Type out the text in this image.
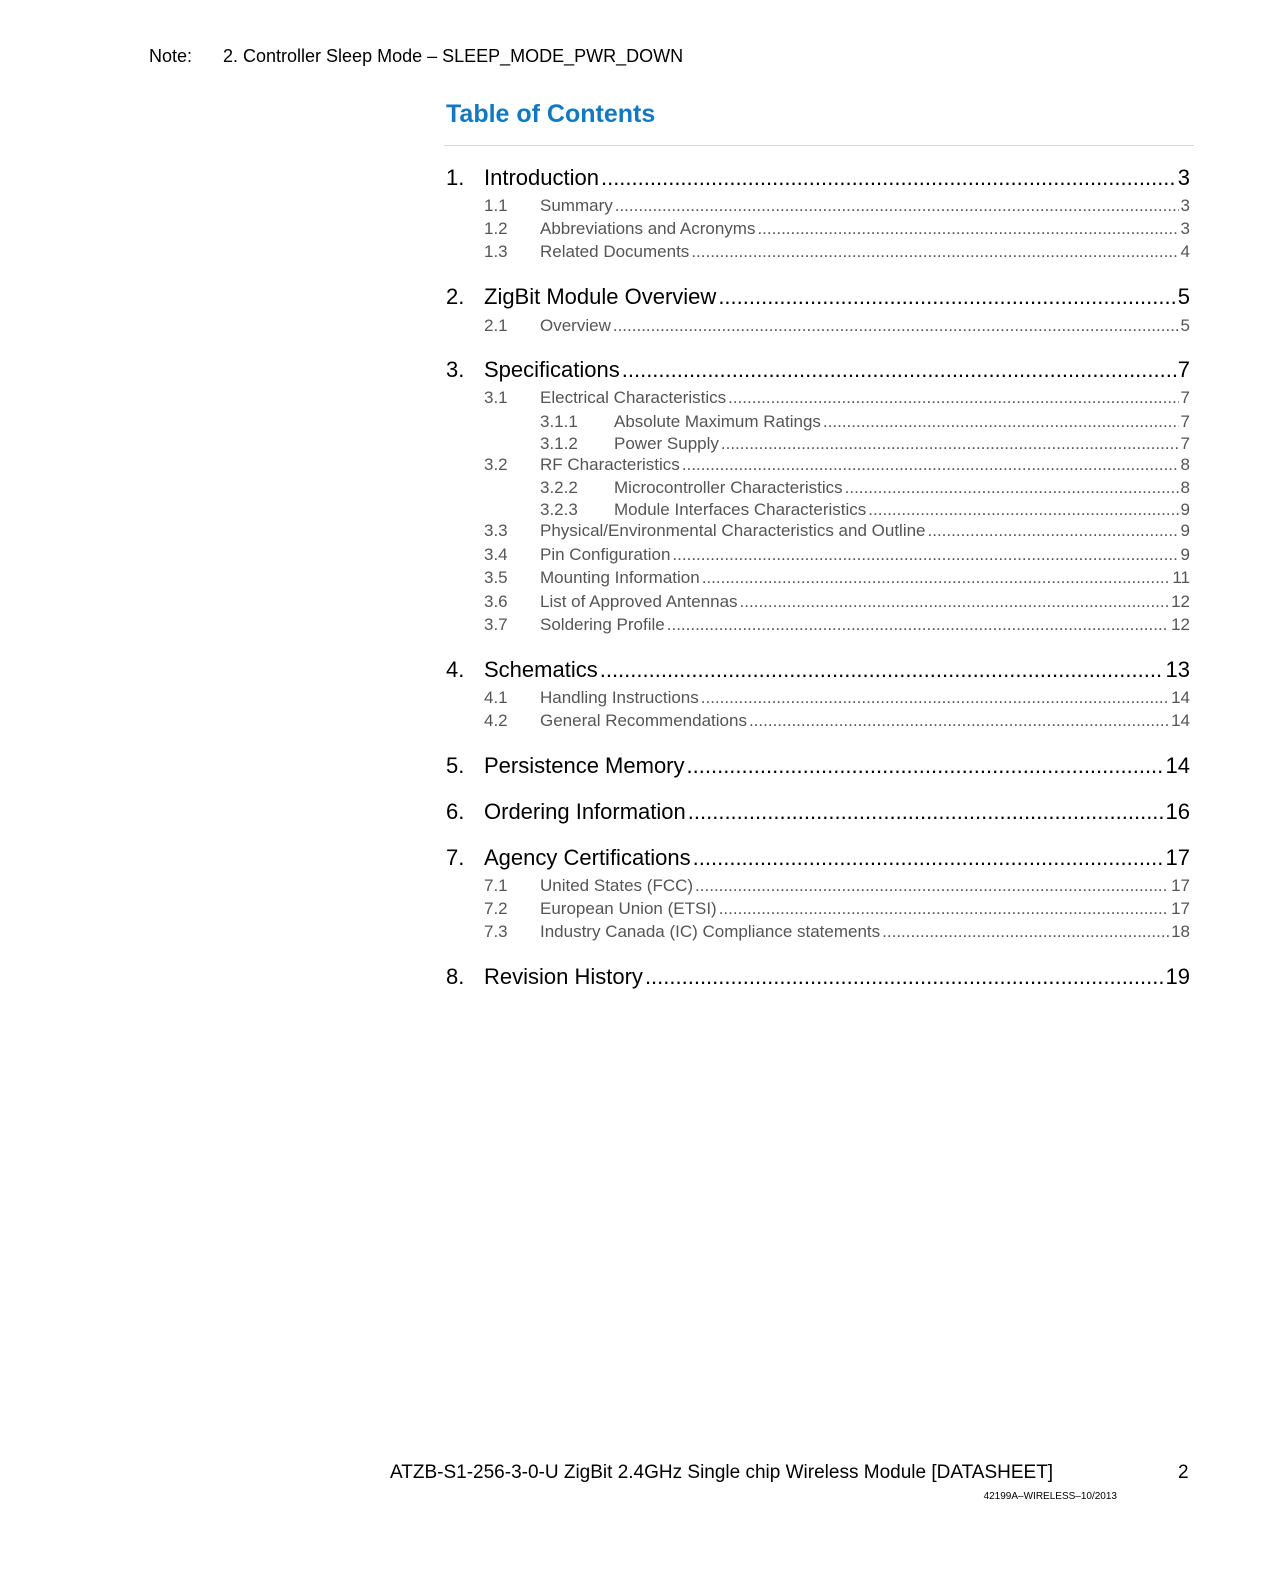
Note: 2. Controller Sleep Mode – SLEEP_MODE_PWR_DOWN
Table of Contents
1. Introduction .....	3
1.1	Summary .....	3
1.2	Abbreviations and Acronyms .....	3
1.3	Related Documents .....	4
2. ZigBit Module Overview .....	5
2.1	Overview .....	5
3. Specifications .....	7
3.1	Electrical Characteristics .....	7
3.1.1	Absolute Maximum Ratings .....	7
3.1.2	Power Supply .....	7
3.2	RF Characteristics .....	8
3.2.2	Microcontroller Characteristics .....	8
3.2.3	Module Interfaces Characteristics .....	9
3.3	Physical/Environmental Characteristics and Outline .....	9
3.4	Pin Configuration .....	9
3.5	Mounting Information .....	11
3.6	List of Approved Antennas .....	12
3.7	Soldering Profile .....	12
4. Schematics .....	13
4.1	Handling Instructions .....	14
4.2	General Recommendations .....	14
5. Persistence Memory .....	14
6. Ordering Information .....	16
7. Agency Certifications .....	17
7.1	United States (FCC) .....	17
7.2	European Union (ETSI) .....	17
7.3	Industry Canada (IC) Compliance statements .....	18
8. Revision History .....	19
ATZB-S1-256-3-0-U ZigBit 2.4GHz Single chip Wireless Module [DATASHEET]	2
42199A–WIRELESS–10/2013
